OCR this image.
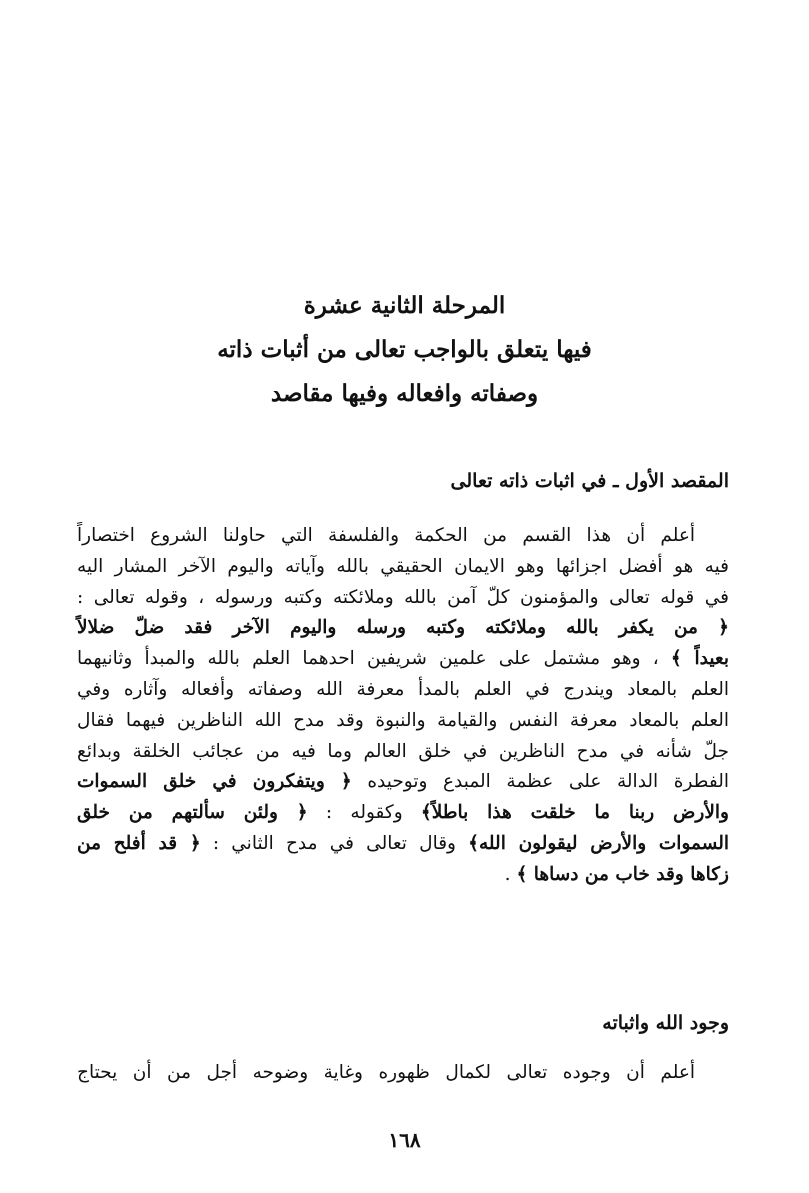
المرحلة الثانية عشرة
فيها يتعلق بالواجب تعالى من أثبات ذاته
وصفاته وافعاله وفيها مقاصد
المقصد الأول ـ في اثبات ذاته تعالى
أعلم أن هذا القسم من الحكمة والفلسفة التي حاولنا الشروع اختصاراً
فيه هو أفضل اجزائها وهو الايمان الحقيقي بالله وآياته واليوم الآخر المشار اليه
في قوله تعالى والمؤمنون كلّ آمن بالله وملائكته وكتبه ورسوله ، وقوله تعالى :
﴿ من يكفر بالله وملائكته وكتبه ورسله واليوم الآخر فقد ضلّ ضلالاً
بعيداً ﴾ ، وهو مشتمل على علمين شريفين احدهما العلم بالله والمبدأ وثانيهما
العلم بالمعاد ويندرج في العلم بالمدأ معرفة الله وصفاته وأفعاله وآثاره وفي
العلم بالمعاد معرفة النفس والقيامة والنبوة وقد مدح الله الناظرين فيهما فقال
جلّ شأنه في مدح الناظرين في خلق العالم وما فيه من عجائب الخلقة وبدائع
الفطرة الدالة على عظمة المبدع وتوحيده ﴿ ويتفكرون في خلق السموات
والأرض ربنا ما خلقت هذا باطلاً﴾ وكقوله : ﴿ ولئن سألتهم من خلق
السموات والأرض ليقولون الله﴾ وقال تعالى في مدح الثاني : ﴿ قد أفلح من
زكاها وقد خاب من دساها ﴾ .
وجود الله واثباته
أعلم أن وجوده تعالى لكمال ظهوره وغاية وضوحه أجل من أن يحتاج
١٦٨
